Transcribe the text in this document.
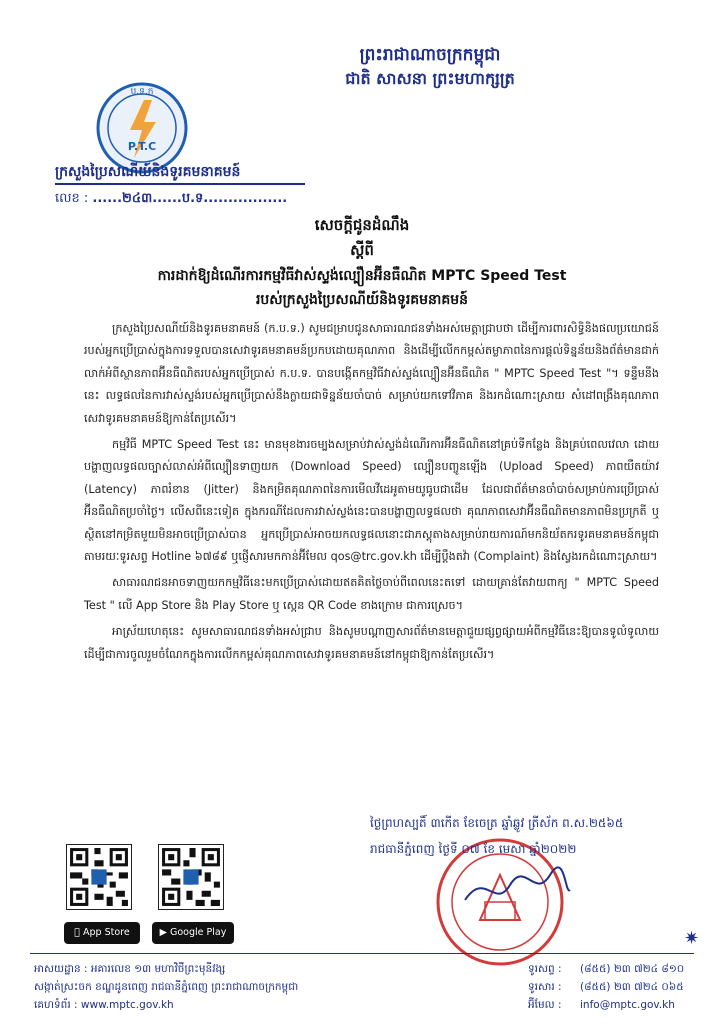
ព្រះរាជាណាចក្រកម្ពុជា
ជាតិ សាសនា ព្រះមហាក្សត្រ
ប.ទ.ក
P.T.C
ក្រសួងប្រៃសណីយ៍និងទូរគមនាគមន៍
លេខ : ......២៤៣......ប.ទ.................
សេចក្តីជូនដំណឹង
ស្តីពី
ការដាក់ឱ្យដំណើរការកម្មវិធីវាស់ស្ទង់ល្បឿនអ៊ីនធឺណិត MPTC Speed Test
របស់ក្រសួងប្រៃសណីយ៍និងទូរគមនាគមន៍

ក្រសួងប្រៃសណីយ៍និងទូរគមនាគមន៍ (ក.ប.ទ.) សូមជម្រាបជូនសាធារណជនទាំងអស់មេត្តាជ្រាបថា ដើម្បីការពារសិទ្ធិនិងផលប្រយោជន៍របស់អ្នកប្រើប្រាស់ក្នុងការទទួលបានសេវាទូរគមនាគមន៍ប្រកបដោយគុណភាព និងដើម្បីលើកកម្ពស់តម្លាភាពនៃការផ្តល់ទិន្នន័យនិងព័ត៌មានជាក់លាក់អំពីស្ថានភាពអ៊ីនធឺណិតរបស់អ្នកប្រើប្រាស់ ក.ប.ទ. បានបង្កើតកម្មវិធីវាស់ស្ទង់ល្បឿនអ៊ីនធឺណិត " MPTC Speed Test "។ ទន្ទឹមនឹងនេះ លទ្ធផលនៃការវាស់ស្ទង់របស់អ្នកប្រើប្រាស់នឹងក្លាយជាទិន្នន័យចាំបាច់ សម្រាប់យកទៅវិភាគ និងរកដំណោះស្រាយ សំដៅពង្រឹងគុណភាពសេវាទូរគមនាគមន៍ឱ្យកាន់តែប្រសើរ។

កម្មវិធី MPTC Speed Test នេះ មានមុខងារចម្បងសម្រាប់វាស់ស្ទង់ដំណើរការអ៊ីនធឺណិតនៅគ្រប់ទីកន្លែង និងគ្រប់ពេលវេលា ដោយបង្ហាញលទ្ធផលច្បាស់លាស់អំពីល្បឿនទាញយក (Download Speed) ល្បឿនបញ្ចូនឡើង (Upload Speed) ភាពយឺតយ៉ាវ (Latency) ភាពរំខាន (Jitter) និងកម្រិតគុណភាពនៃការមើលវីដេអូតាមយូធូបជាដើម ដែលជាព័ត៌មានចាំបាច់សម្រាប់ការប្រើប្រាស់អ៊ីនធឺណិតប្រចាំថ្ងៃ។ លើសពីនេះទៀត ក្នុងករណីដែលការវាស់ស្ទង់នេះបានបង្ហាញលទ្ធផលថា គុណភាពសេវាអ៊ីនធឺណិតមានភាពមិនប្រក្រតី ឬស្ថិតនៅកម្រិតមួយមិនអាចប្រើប្រាស់បាន អ្នកប្រើប្រាស់អាចយកលទ្ធផលនោះជាភស្តុតាងសម្រាប់រាយការណ៍មកនិយ័តករទូរគមនាគមន៍កម្ពុជា តាមរយៈទូរសព្ទ Hotline ៦៧៨៩ ឬផ្ញើសារមកកាន់អ៊ីមែល qos@trc.gov.kh ដើម្បីប្តឹងតវ៉ា (Complaint) និងស្វែងរកដំណោះស្រាយ។

សាធារណជនអាចទាញយកកម្មវិធីនេះមកប្រើប្រាស់ដោយឥតគិតថ្លៃចាប់ពីពេលនេះតទៅ ដោយគ្រាន់តែវាយពាក្យ " MPTC Speed Test " លើ App Store និង Play Store ឬ ស្កេន QR Code ខាងក្រោម ជាការស្រេច។

អាស្រ័យហេតុនេះ សូមសាធារណជនទាំងអស់ជ្រាប និងសូមបណ្តាញសារព័ត៌មានមេត្តាជួយផ្សព្វផ្សាយអំពីកម្មវិធីនេះឱ្យបានទូលំទូលាយ ដើម្បីជាការចូលរួមចំណែកក្នុងការលើកកម្ពស់គុណភាពសេវាទូរគមនាគមន៍នៅកម្ពុជាឱ្យកាន់តែប្រសើរ។

ថ្ងៃព្រហស្បតិ៍ ៣កើត ខែចេត្រ ឆ្នាំឆ្លូវ ត្រីស័ក ព.ស.២៥៦៥
រាជធានីភ្នំពេញ ថ្ងៃទី ០៧ ខែ មេសា ឆ្នាំ២០២២
App Store	▶ Google Play	✷
អាសយដ្ឋាន : អគារលេខ ១៣ មហាវិថីព្រះមុនីវង្ស
សង្កាត់ស្រះចក ខណ្ឌដូនពេញ រាជធានីភ្នំពេញ ព្រះរាជាណាចក្រកម្ពុជា
គេហទំព័រ : www.mptc.gov.kh
ទូរសព្ទ : (៨៥៥) ២៣ ៧២៤ ៨១០
ទូរសារ : (៨៥៥) ២៣ ៧២៤ ០៦៥
អ៊ីមែល : info@mptc.gov.kh
